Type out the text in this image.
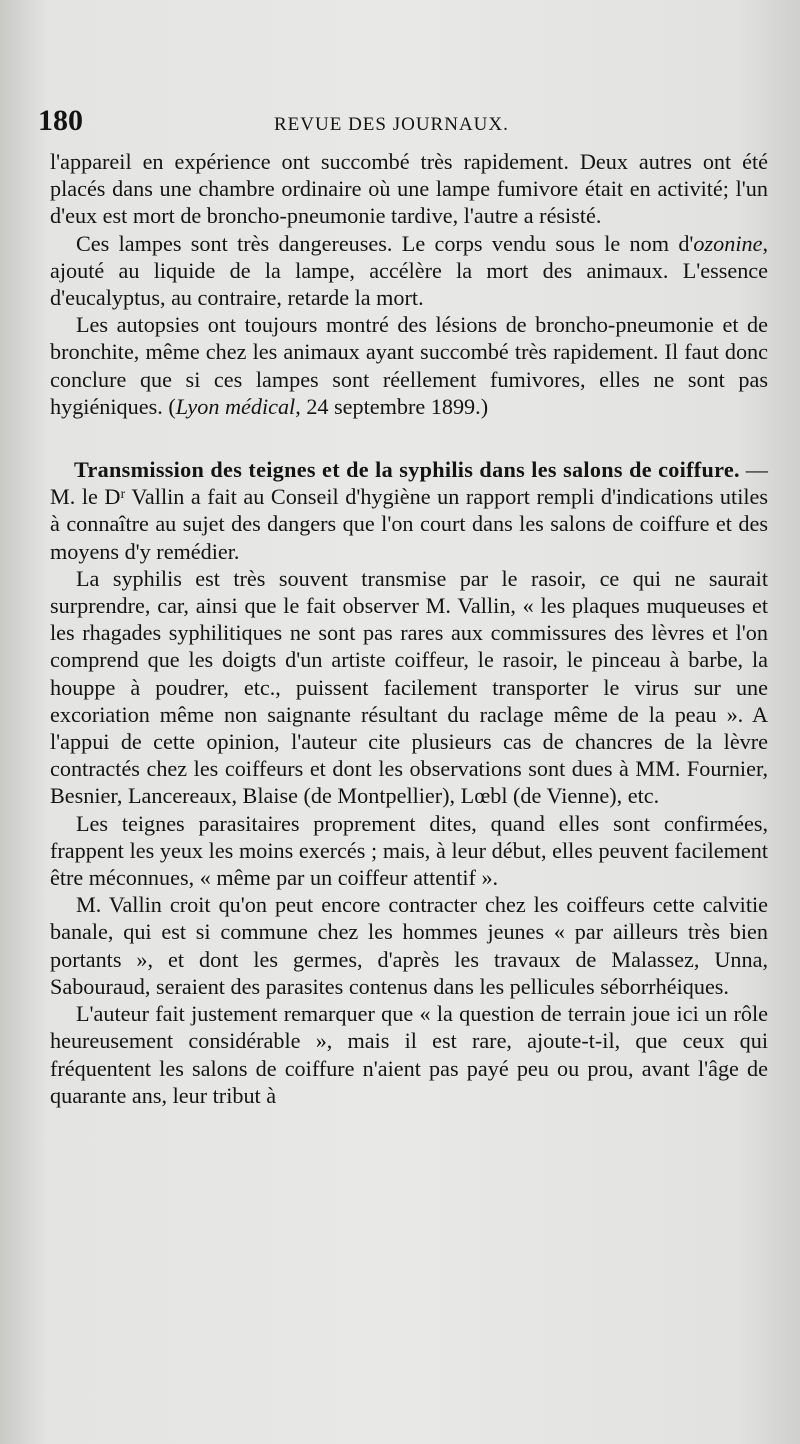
180	REVUE DES JOURNAUX.

l'appareil en expérience ont succombé très rapidement. Deux autres ont été placés dans une chambre ordinaire où une lampe fumivore était en activité; l'un d'eux est mort de broncho-pneumonie tardive, l'autre a résisté.

Ces lampes sont très dangereuses. Le corps vendu sous le nom d'ozonine, ajouté au liquide de la lampe, accélère la mort des animaux. L'essence d'eucalyptus, au contraire, retarde la mort.

Les autopsies ont toujours montré des lésions de broncho-pneumonie et de bronchite, même chez les animaux ayant succombé très rapidement. Il faut donc conclure que si ces lampes sont réellement fumivores, elles ne sont pas hygiéniques. (Lyon médical, 24 septembre 1899.)

Transmission des teignes et de la syphilis dans les salons de coiffure. — M. le Dʳ Vallin a fait au Conseil d'hygiène un rapport rempli d'indications utiles à connaître au sujet des dangers que l'on court dans les salons de coiffure et des moyens d'y remédier.

La syphilis est très souvent transmise par le rasoir, ce qui ne saurait surprendre, car, ainsi que le fait observer M. Vallin, « les plaques muqueuses et les rhagades syphilitiques ne sont pas rares aux commissures des lèvres et l'on comprend que les doigts d'un artiste coiffeur, le rasoir, le pinceau à barbe, la houppe à poudrer, etc., puissent facilement transporter le virus sur une excoriation même non saignante résultant du raclage même de la peau ». A l'appui de cette opinion, l'auteur cite plusieurs cas de chancres de la lèvre contractés chez les coiffeurs et dont les observations sont dues à MM. Fournier, Besnier, Lancereaux, Blaise (de Montpellier), Lœbl (de Vienne), etc.

Les teignes parasitaires proprement dites, quand elles sont confirmées, frappent les yeux les moins exercés ; mais, à leur début, elles peuvent facilement être méconnues, « même par un coiffeur attentif ».

M. Vallin croit qu'on peut encore contracter chez les coiffeurs cette calvitie banale, qui est si commune chez les hommes jeunes « par ailleurs très bien portants », et dont les germes, d'après les travaux de Malassez, Unna, Sabouraud, seraient des parasites contenus dans les pellicules séborrhéiques.

L'auteur fait justement remarquer que « la question de terrain joue ici un rôle heureusement considérable », mais il est rare, ajoute-t-il, que ceux qui fréquentent les salons de coiffure n'aient pas payé peu ou prou, avant l'âge de quarante ans, leur tribut à
